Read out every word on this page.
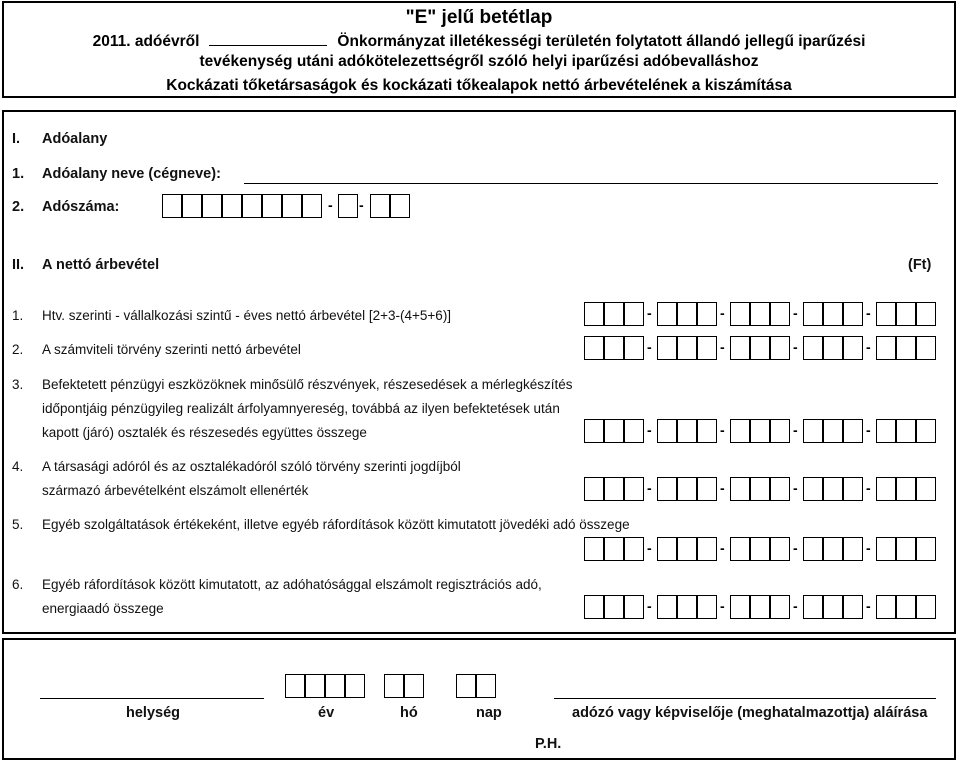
"E" jelű betétlap
2011. adóévről	Önkormányzat illetékességi területén folytatott állandó jellegű iparűzési
tevékenység utáni adókötelezettségről szóló helyi iparűzési adóbevalláshoz
Kockázati tőketársaságok és kockázati tőkealapok nettó árbevételének a kiszámítása
I. Adóalany
1. Adóalany neve (cégneve):
2. Adószáma:	- -
II. A nettó árbevétel	(Ft)
1. Htv. szerinti - vállalkozási szintű - éves nettó árbevétel [2+3-(4+5+6)]	-	-	-	-
2. A számviteli törvény szerinti nettó árbevétel	-	-	-	-
3. Befektetett pénzügyi eszközöknek minősülő részvények, részesedések a mérlegkészítés
időpontjáig pénzügyileg realizált árfolyamnyereség, továbbá az ilyen befektetések után
kapott (járó) osztalék és részesedés együttes összege	-	-	-	-
4. A társasági adóról és az osztalékadóról szóló törvény szerinti jogdíjból
származó árbevételként elszámolt ellenérték	-	-	-	-
5. Egyéb szolgáltatások értékeként, illetve egyéb ráfordítások között kimutatott jövedéki adó összege
-	-	-	-
6. Egyéb ráfordítások között kimutatott, az adóhatósággal elszámolt regisztrációs adó,
energiaadó összege	-	-	-	-
helység	év	hó	nap	adózó vagy képviselője (meghatalmazottja) aláírása
P.H.
